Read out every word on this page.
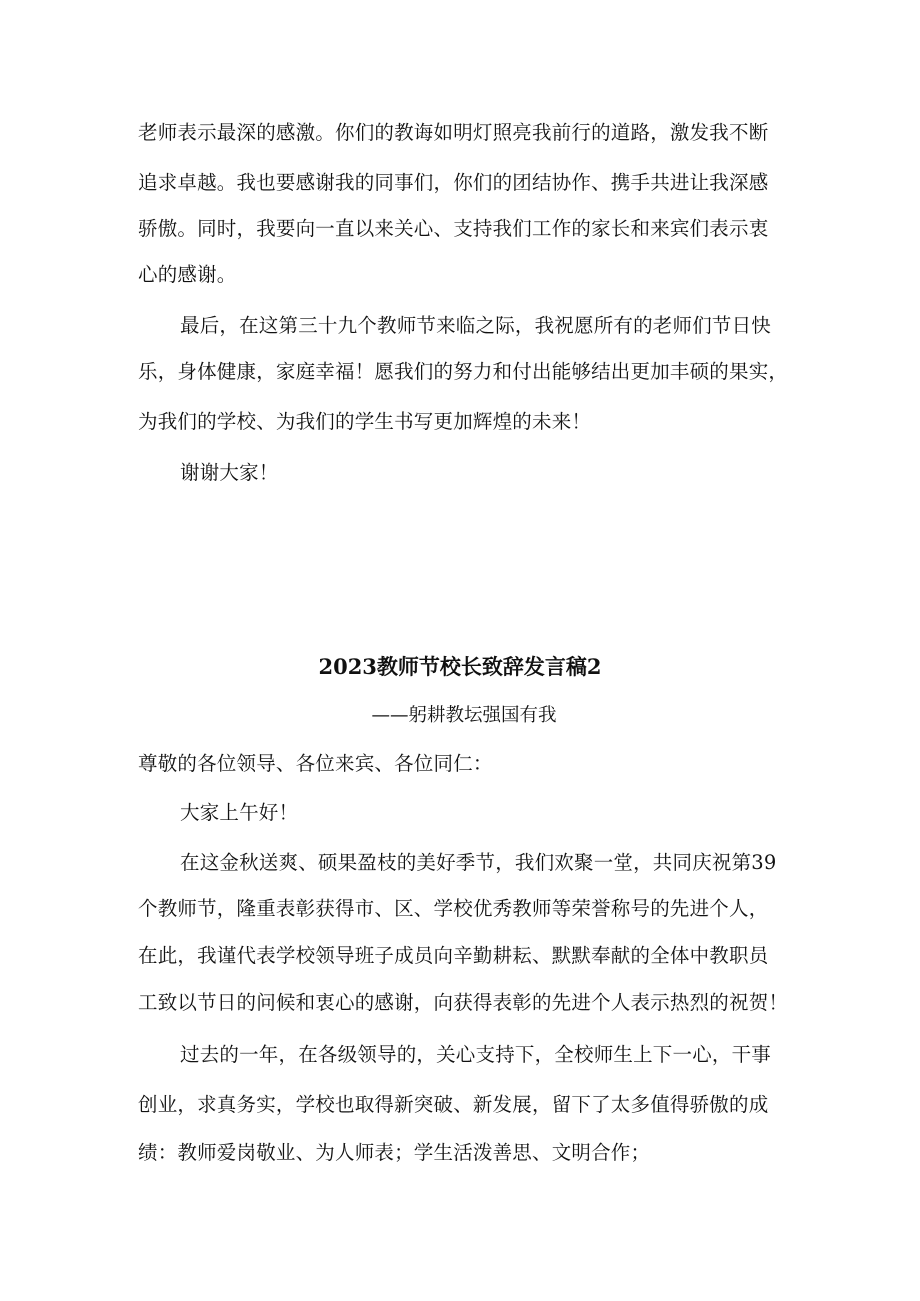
老师表示最深的感激。你们的教诲如明灯照亮我前行的道路，激发我不断
追求卓越。我也要感谢我的同事们，你们的团结协作、携手共进让我深感
骄傲。同时，我要向一直以来关心、支持我们工作的家长和来宾们表示衷
心的感谢。
最后，在这第三十九个教师节来临之际，我祝愿所有的老师们节日快
乐，身体健康，家庭幸福！愿我们的努力和付出能够结出更加丰硕的果实，
为我们的学校、为我们的学生书写更加辉煌的未来！
谢谢大家！
2023教师节校长致辞发言稿2
——躬耕教坛强国有我
尊敬的各位领导、各位来宾、各位同仁：
大家上午好！
在这金秋送爽、硕果盈枝的美好季节，我们欢聚一堂，共同庆祝第39
个教师节，隆重表彰获得市、区、学校优秀教师等荣誉称号的先进个人，
在此，我谨代表学校领导班子成员向辛勤耕耘、默默奉献的全体中教职员
工致以节日的问候和衷心的感谢，向获得表彰的先进个人表示热烈的祝贺！
过去的一年，在各级领导的，关心支持下，全校师生上下一心，干事
创业，求真务实，学校也取得新突破、新发展，留下了太多值得骄傲的成
绩：教师爱岗敬业、为人师表；学生活泼善思、文明合作；
